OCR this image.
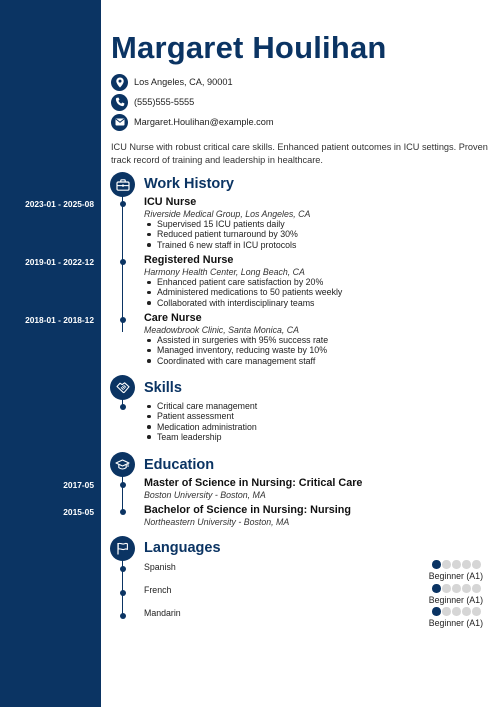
Margaret Houlihan
Los Angeles, CA, 90001
(555)555-5555
Margaret.Houlihan@example.com
ICU Nurse with robust critical care skills. Enhanced patient outcomes in ICU settings. Proven track record of training and leadership in healthcare.
Work History
2023-01 - 2025-08	ICU Nurse
Riverside Medical Group, Los Angeles, CA
Supervised 15 ICU patients daily
Reduced patient turnaround by 30%
Trained 6 new staff in ICU protocols
2019-01 - 2022-12	Registered Nurse
Harmony Health Center, Long Beach, CA
Enhanced patient care satisfaction by 20%
Administered medications to 50 patients weekly
Collaborated with interdisciplinary teams
2018-01 - 2018-12	Care Nurse
Meadowbrook Clinic, Santa Monica, CA
Assisted in surgeries with 95% success rate
Managed inventory, reducing waste by 10%
Coordinated with care management staff
Skills
Critical care management
Patient assessment
Medication administration
Team leadership
Education
2017-05	Master of Science in Nursing: Critical Care
Boston University - Boston, MA
2015-05	Bachelor of Science in Nursing: Nursing
Northeastern University - Boston, MA
Languages
Spanish
Beginner (A1)
French
Beginner (A1)
Mandarin
Beginner (A1)
